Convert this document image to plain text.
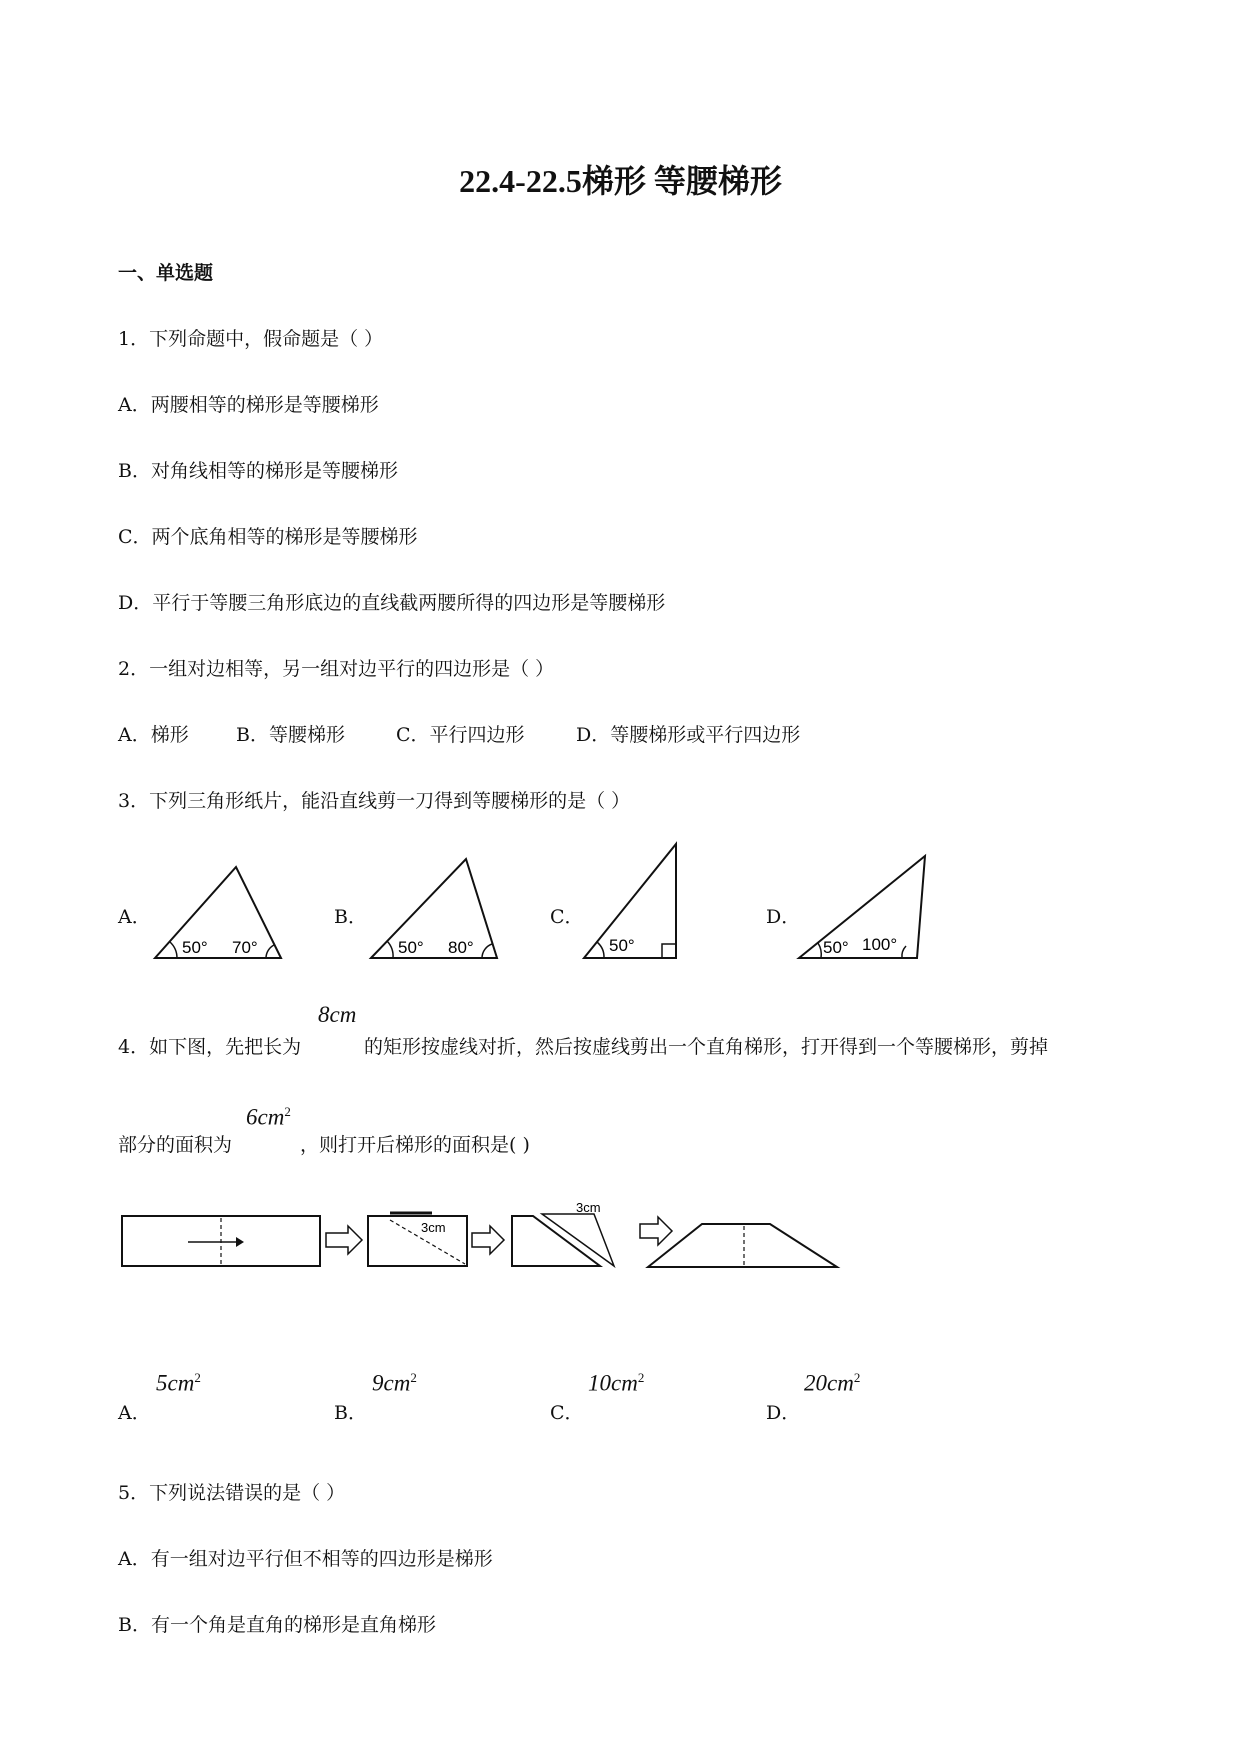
22.4-22.5梯形 等腰梯形
一、单选题
1．下列命题中，假命题是（ ）
A．两腰相等的梯形是等腰梯形
B．对角线相等的梯形是等腰梯形
C．两个底角相等的梯形是等腰梯形
D．平行于等腰三角形底边的直线截两腰所得的四边形是等腰梯形
2．一组对边相等，另一组对边平行的四边形是（ ）
A．梯形 B．等腰梯形	C．平行四边形	D．等腰梯形或平行四边形
3．下列三角形纸片，能沿直线剪一刀得到等腰梯形的是（ ）
A．	B．	C．	D．
50° 70°	50° 80°	50°	50° 100°
4．如下图，先把长为
8cm
的矩形按虚线对折，然后按虚线剪出一个直角梯形，打开得到一个等腰梯形，剪掉
部分的面积为
$6cm^2$
，则打开后梯形的面积是( )
3cm
3cm
A．
$5cm^2$
B．
$9cm^2$
C．
$10cm^2$
D．
$20cm^2$
5．下列说法错误的是（ ）
A．有一组对边平行但不相等的四边形是梯形
B．有一个角是直角的梯形是直角梯形
